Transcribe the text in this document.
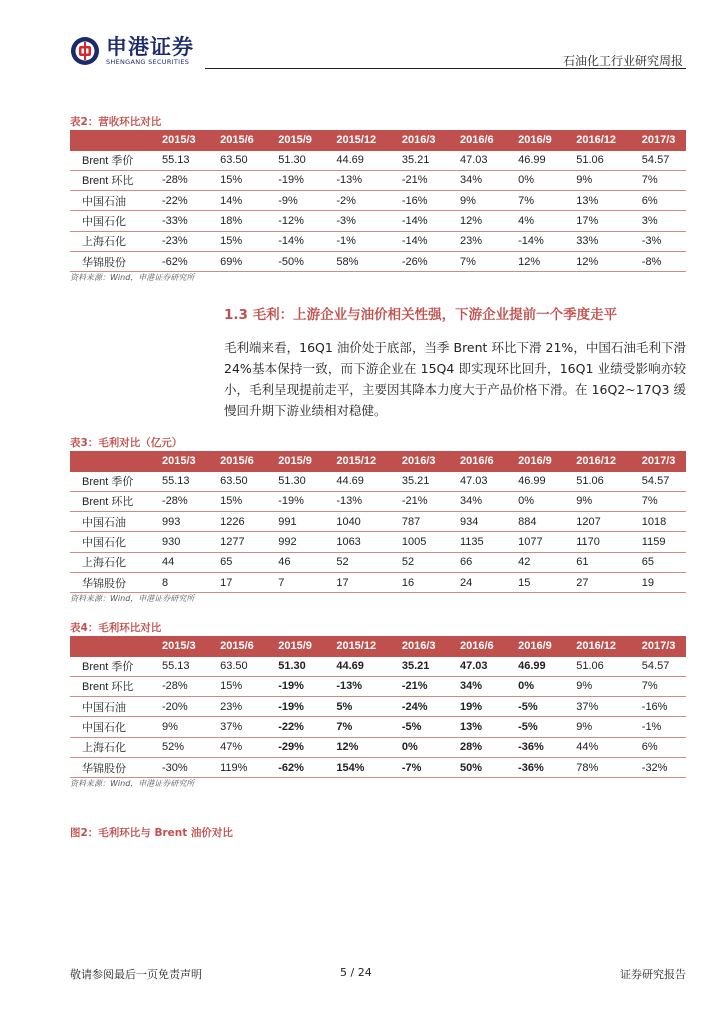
申港证券
SHENGANG SECURITIES	石油化工行业研究周报
表2：营收环比对比
	2015/3	2015/6	2015/9	2015/12	2016/3	2016/6	2016/9	2016/12	2017/3
Brent 季价	55.13	63.50	51.30	44.69	35.21	47.03	46.99	51.06	54.57
Brent 环比	-28%	15%	-19%	-13%	-21%	34%	0%	9%	7%
中国石油	-22%	14%	-9%	-2%	-16%	9%	7%	13%	6%
中国石化	-33%	18%	-12%	-3%	-14%	12%	4%	17%	3%
上海石化	-23%	15%	-14%	-1%	-14%	23%	-14%	33%	-3%
华锦股份	-62%	69%	-50%	58%	-26%	7%	12%	12%	-8%
资料来源：Wind，申港证券研究所
1.3 毛利：上游企业与油价相关性强，下游企业提前一个季度走平
毛利端来看，16Q1 油价处于底部，当季 Brent 环比下滑 21%，中国石油毛利下滑 24%基本保持一致，而下游企业在 15Q4 即实现环比回升，16Q1 业绩受影响亦较小，毛利呈现提前走平，主要因其降本力度大于产品价格下滑。在 16Q2~17Q3 缓慢回升期下游业绩相对稳健。
表3：毛利对比（亿元）
	2015/3	2015/6	2015/9	2015/12	2016/3	2016/6	2016/9	2016/12	2017/3
Brent 季价	55.13	63.50	51.30	44.69	35.21	47.03	46.99	51.06	54.57
Brent 环比	-28%	15%	-19%	-13%	-21%	34%	0%	9%	7%
中国石油	993	1226	991	1040	787	934	884	1207	1018
中国石化	930	1277	992	1063	1005	1135	1077	1170	1159
上海石化	44	65	46	52	52	66	42	61	65
华锦股份	8	17	7	17	16	24	15	27	19
资料来源：Wind，申港证券研究所
表4：毛利环比对比
	2015/3	2015/6	2015/9	2015/12	2016/3	2016/6	2016/9	2016/12	2017/3
Brent 季价	55.13	63.50	51.30	44.69	35.21	47.03	46.99	51.06	54.57
Brent 环比	-28%	15%	-19%	-13%	-21%	34%	0%	9%	7%
中国石油	-20%	23%	-19%	5%	-24%	19%	-5%	37%	-16%
中国石化	9%	37%	-22%	7%	-5%	13%	-5%	9%	-1%
上海石化	52%	47%	-29%	12%	0%	28%	-36%	44%	6%
华锦股份	-30%	119%	-62%	154%	-7%	50%	-36%	78%	-32%
资料来源：Wind，申港证券研究所
图2：毛利环比与 Brent 油价对比
敬请参阅最后一页免责声明	5 / 24	证券研究报告
